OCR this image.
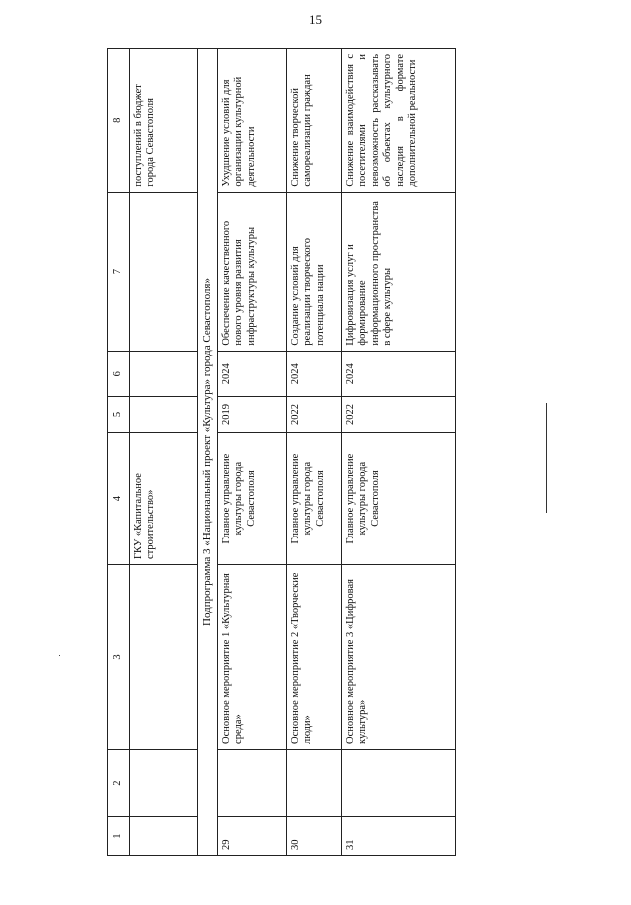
15
1	2	3	4	5	6	7	8
			ГКУ «Капитальное строительство»				поступлений в бюджет города Севастополя
Подпрограмма 3 «Национальный проект «Культура» города Севастополя»							
29		Основное мероприятие 1 «Культурная среда»	Главное управление культуры города Севастополя	2019	2024	Обеспечение качественного нового уровня развития инфраструктуры культуры	Ухудшение условий для организации культурной деятельности
30		Основное мероприятие 2 «Творческие люди»	Главное управление культуры города Севастополя	2022	2024	Создание условий для реализации творческого потенциала нации	Снижение творческой самореализации граждан
31		Основное мероприятие 3 «Цифровая культура»	Главное управление культуры города Севастополя	2022	2024	Цифровизация услуг и формирование информационного пространства в сфере культуры	Снижение взаимодействия с посетителями и невозможность рассказывать об объектах культурного наследия в формате дополнительной реальности
